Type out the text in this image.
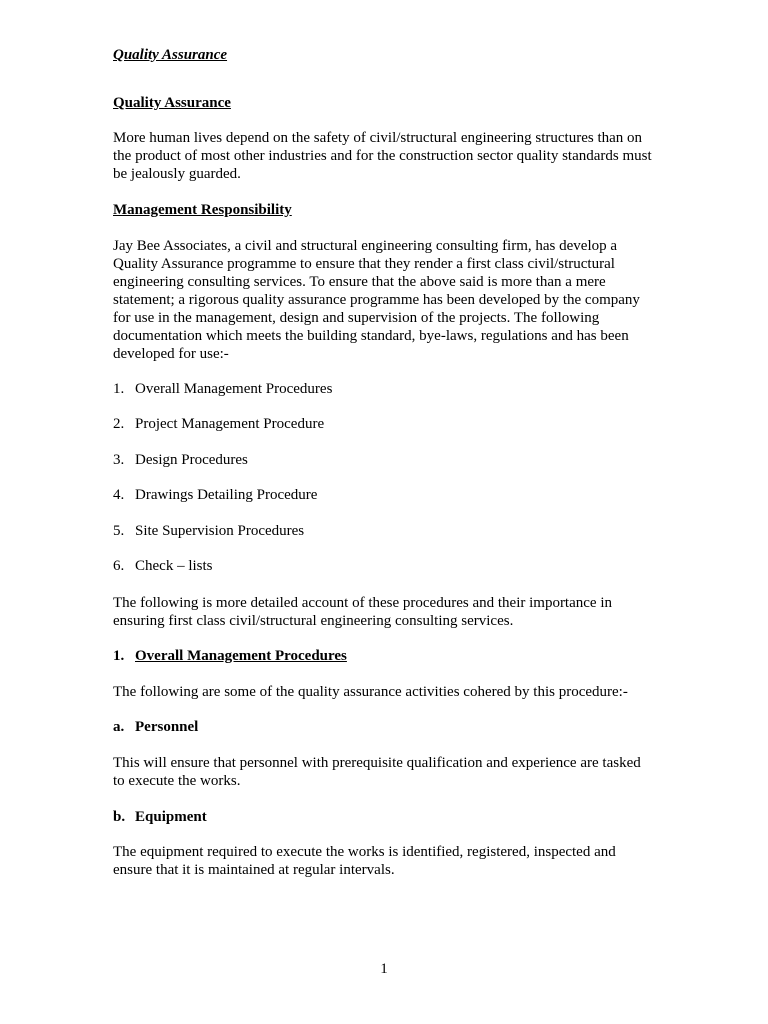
Quality Assurance

Quality Assurance

More human lives depend on the safety of civil/structural engineering structures than on
the product of most other industries and for the construction sector quality standards must
be jealously guarded.

Management Responsibility

Jay Bee Associates, a civil and structural engineering consulting firm, has develop a
Quality Assurance programme to ensure that they render a first class civil/structural
engineering consulting services. To ensure that the above said is more than a mere
statement; a rigorous quality assurance programme has been developed by the company
for use in the management, design and supervision of the projects. The following
documentation which meets the building standard, bye-laws, regulations and has been
developed for use:-

1. Overall Management Procedures

2. Project Management Procedure

3. Design Procedures

4. Drawings Detailing Procedure

5. Site Supervision Procedures

6. Check – lists

The following is more detailed account of these procedures and their importance in
ensuring first class civil/structural engineering consulting services.

1. Overall Management Procedures

The following are some of the quality assurance activities cohered by this procedure:-

a. Personnel

This will ensure that personnel with prerequisite qualification and experience are tasked
to execute the works.

b. Equipment

The equipment required to execute the works is identified, registered, inspected and
ensure that it is maintained at regular intervals.
1
